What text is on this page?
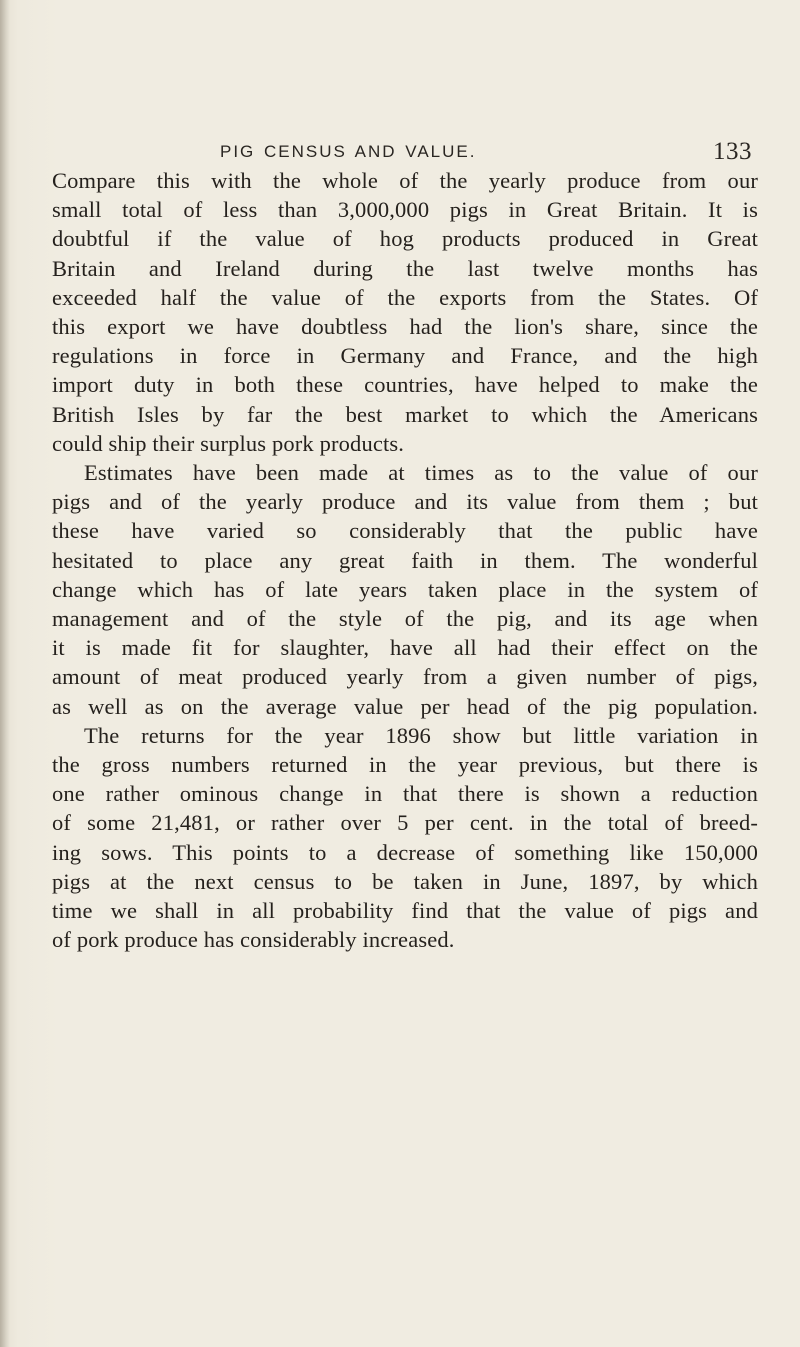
PIG CENSUS AND VALUE.	133

Compare this with the whole of the yearly produce from our
small total of less than 3,000,000 pigs in Great Britain. It is
doubtful if the value of hog products produced in Great
Britain and Ireland during the last twelve months has
exceeded half the value of the exports from the States. Of
this export we have doubtless had the lion's share, since the
regulations in force in Germany and France, and the high
import duty in both these countries, have helped to make the
British Isles by far the best market to which the Americans
could ship their surplus pork products.

Estimates have been made at times as to the value of our
pigs and of the yearly produce and its value from them ; but
these have varied so considerably that the public have
hesitated to place any great faith in them. The wonderful
change which has of late years taken place in the system of
management and of the style of the pig, and its age when
it is made fit for slaughter, have all had their effect on the
amount of meat produced yearly from a given number of pigs,
as well as on the average value per head of the pig population.

The returns for the year 1896 show but little variation in
the gross numbers returned in the year previous, but there is
one rather ominous change in that there is shown a reduction
of some 21,481, or rather over 5 per cent. in the total of breed-
ing sows. This points to a decrease of something like 150,000
pigs at the next census to be taken in June, 1897, by which
time we shall in all probability find that the value of pigs and
of pork produce has considerably increased.
